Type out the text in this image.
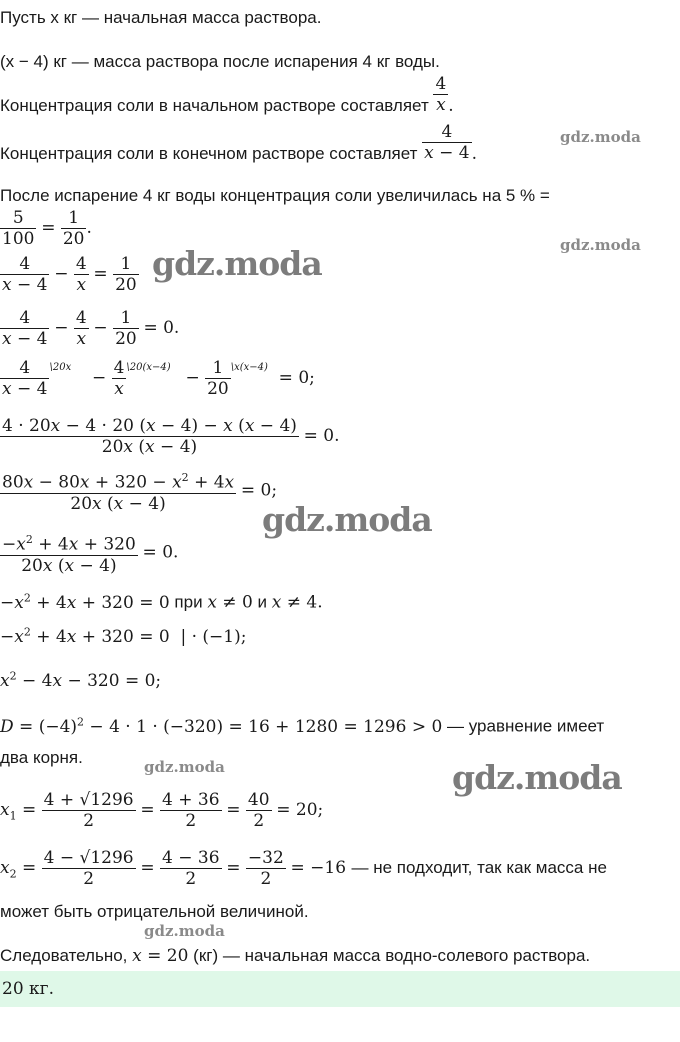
Пусть x кг — начальная масса раствора.
(x − 4) кг — масса раствора после испарения 4 кг воды.
Концентрация соли в начальном растворе составляет $\frac{4}{x}$ .
Концентрация соли в конечном растворе составляет $\frac{4}{x - 4}$ .
После испарение 4 кг воды концентрация соли увеличилась на 5 % =
$\frac{5}{100} = \frac{1}{20}$ .
$\frac{4}{x - 4} - \frac{4}{x} = \frac{1}{20}$
$\frac{4}{x - 4} - \frac{4}{x} - \frac{1}{20} = 0$.
$\frac{4}{x - 4} ^{\backslash 20x} - \frac{4}{x} ^{\backslash 20(x-4)} - \frac{1}{20} ^{\backslash x(x-4)} = 0$;
$\frac{4 \cdot 20x - 4 \cdot 20 (x - 4) - x (x - 4)}{20x (x - 4)} = 0$.
$\frac{80x - 80x + 320 - x^2 + 4x}{20x (x - 4)} = 0$;
$\frac{-x^2 + 4x + 320}{20x (x - 4)} = 0$.
$-x^2 + 4x + 320 = 0$ при x ≠ 0 и x ≠ 4.
$-x^2 + 4x + 320 = 0$  | · (−1);
$x^2 - 4x - 320 = 0$;
$D = (-4)^2 - 4 \cdot 1 \cdot (-320) = 16 + 1280 = 1296 > 0$ — уравнение имеет
два корня.
$x_1 = \frac{4 + √1296}{2} = \frac{4 + 36}{2} = \frac{40}{2} = 20$;
$x_2 = \frac{4 - √1296}{2} = \frac{4 - 36}{2} = \frac{-32}{2} = -16$ — не подходит, так как масса не
может быть отрицательной величиной.
Следовательно, x = 20 (кг) — начальная масса водно-солевого раствора.
20 кг.
gdz.moda
gdz.moda
gdz.moda
gdz.moda
gdz.moda	gdz.moda
gdz.moda
